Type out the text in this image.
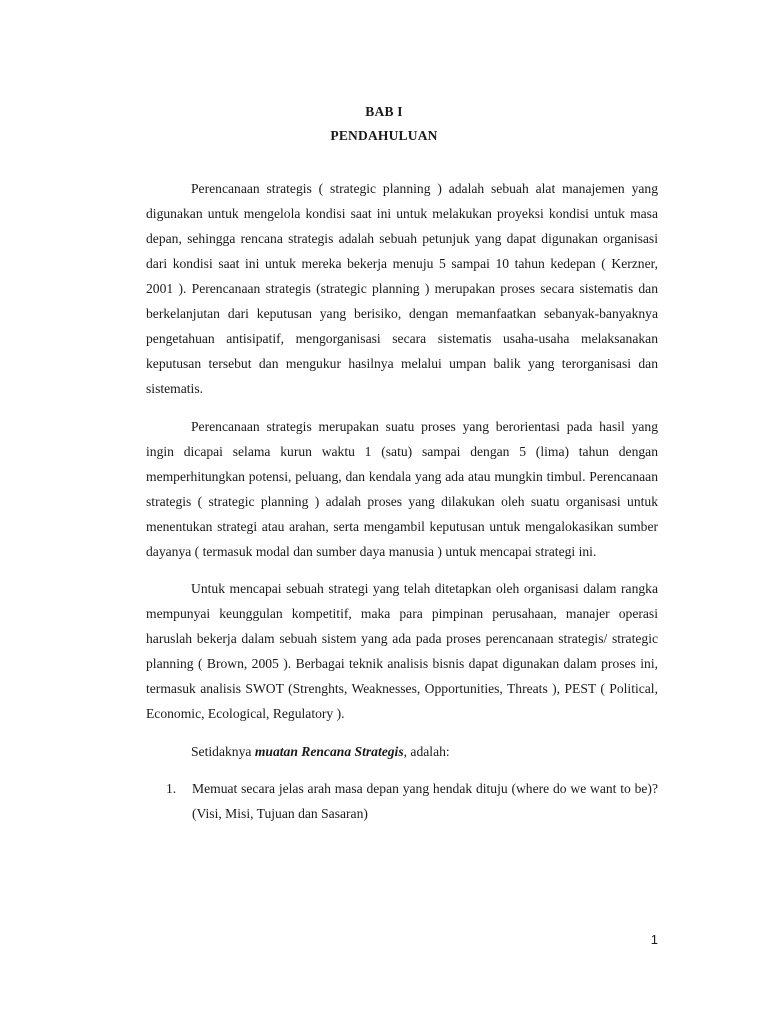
BAB I
PENDAHULUAN

Perencanaan strategis ( strategic planning ) adalah sebuah alat manajemen yang digunakan untuk mengelola kondisi saat ini untuk melakukan proyeksi kondisi untuk masa depan, sehingga rencana strategis adalah sebuah petunjuk yang dapat digunakan organisasi dari kondisi saat ini untuk mereka bekerja menuju 5 sampai 10 tahun kedepan ( Kerzner, 2001 ). Perencanaan strategis (strategic planning ) merupakan proses secara sistematis dan berkelanjutan dari keputusan yang berisiko, dengan memanfaatkan sebanyak-banyaknya pengetahuan antisipatif, mengorganisasi secara sistematis usaha-usaha melaksanakan keputusan tersebut dan mengukur hasilnya melalui umpan balik yang terorganisasi dan sistematis.

Perencanaan strategis merupakan suatu proses yang berorientasi pada hasil yang ingin dicapai selama kurun waktu 1 (satu) sampai dengan 5 (lima) tahun dengan memperhitungkan potensi, peluang, dan kendala yang ada atau mungkin timbul. Perencanaan strategis ( strategic planning ) adalah proses yang dilakukan oleh suatu organisasi untuk menentukan strategi atau arahan, serta mengambil keputusan untuk mengalokasikan sumber dayanya ( termasuk modal dan sumber daya manusia ) untuk mencapai strategi ini.

Untuk mencapai sebuah strategi yang telah ditetapkan oleh organisasi dalam rangka mempunyai keunggulan kompetitif, maka para pimpinan perusahaan, manajer operasi haruslah bekerja dalam sebuah sistem yang ada pada proses perencanaan strategis/ strategic planning ( Brown, 2005 ). Berbagai teknik analisis bisnis dapat digunakan dalam proses ini, termasuk analisis SWOT (Strenghts, Weaknesses, Opportunities, Threats ), PEST ( Political, Economic, Ecological, Regulatory ).

Setidaknya muatan Rencana Strategis, adalah:

1. Memuat secara jelas arah masa depan yang hendak dituju (where do we want to be)? (Visi, Misi, Tujuan dan Sasaran)
1
